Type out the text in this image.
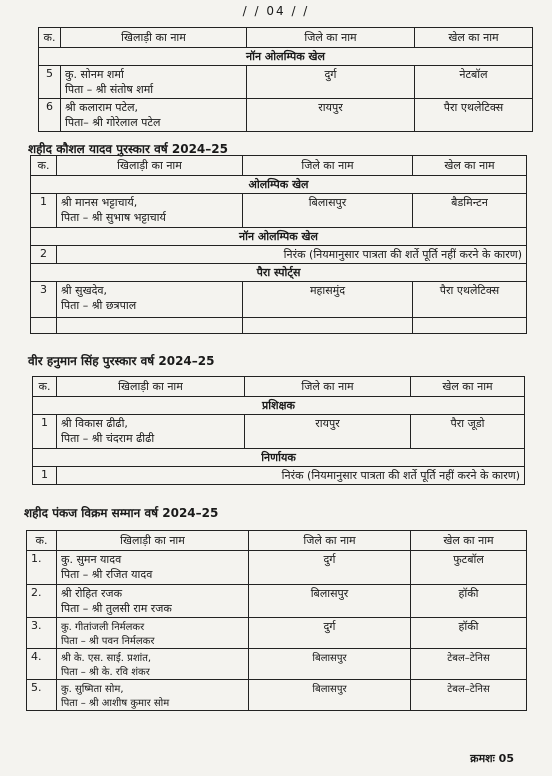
/ / 04 / /
क.	खिलाड़ी का नाम	जिले का नाम	खेल का नाम
नॉन ओलम्पिक खेल			
5	कु. सोनम शर्मा
पिता – श्री संतोष शर्मा	दुर्ग	नेटबॉल
6	श्री कलाराम पटेल,
पिता– श्री गोरेलाल पटेल	रायपुर	पैरा एथलेटिक्स
शहीद कौशल यादव पुरस्कार वर्ष 2024–25
क.	खिलाड़ी का नाम	जिले का नाम	खेल का नाम
ओलम्पिक खेल			
1	श्री मानस भट्टाचार्य,
पिता – श्री सुभाष भट्टाचार्य	बिलासपुर	बैडमिन्टन
नॉन ओलम्पिक खेल			
2	निरंक (नियमानुसार पात्रता की शर्ते पूर्ति नहीं करने के कारण)		
पैरा स्पोर्ट्स			
3	श्री सुखदेव,
पिता – श्री छत्रपाल	महासमुंद	पैरा एथलेटिक्स

वीर हनुमान सिंह पुरस्कार वर्ष 2024–25
क.	खिलाड़ी का नाम	जिले का नाम	खेल का नाम
प्रशिक्षक			
1	श्री विकास ढीढी,
पिता – श्री चंदराम ढीढी	रायपुर	पैरा जूडो
निर्णायक			
1	निरंक (नियमानुसार पात्रता की शर्ते पूर्ति नहीं करने के कारण)		
शहीद पंकज विक्रम सम्मान वर्ष 2024–25
क.	खिलाड़ी का नाम	जिले का नाम	खेल का नाम
1.	कु. सुमन यादव
पिता – श्री रजित यादव	दुर्ग	फुटबॉल
2.	श्री रोहित रजक
पिता – श्री तुलसी राम रजक	बिलासपुर	हॉकी
3.	कु. गीतांजली निर्मलकर
पिता – श्री पवन निर्मलकर	दुर्ग	हॉकी
4.	श्री के. एस. साई. प्रशांत,
पिता – श्री के. रवि शंकर	बिलासपुर	टेबल–टेनिस
5.	कु. सुष्मिता सोम,
पिता – श्री आशीष कुमार सोम	बिलासपुर	टेबल–टेनिस
क्रमशः 05
